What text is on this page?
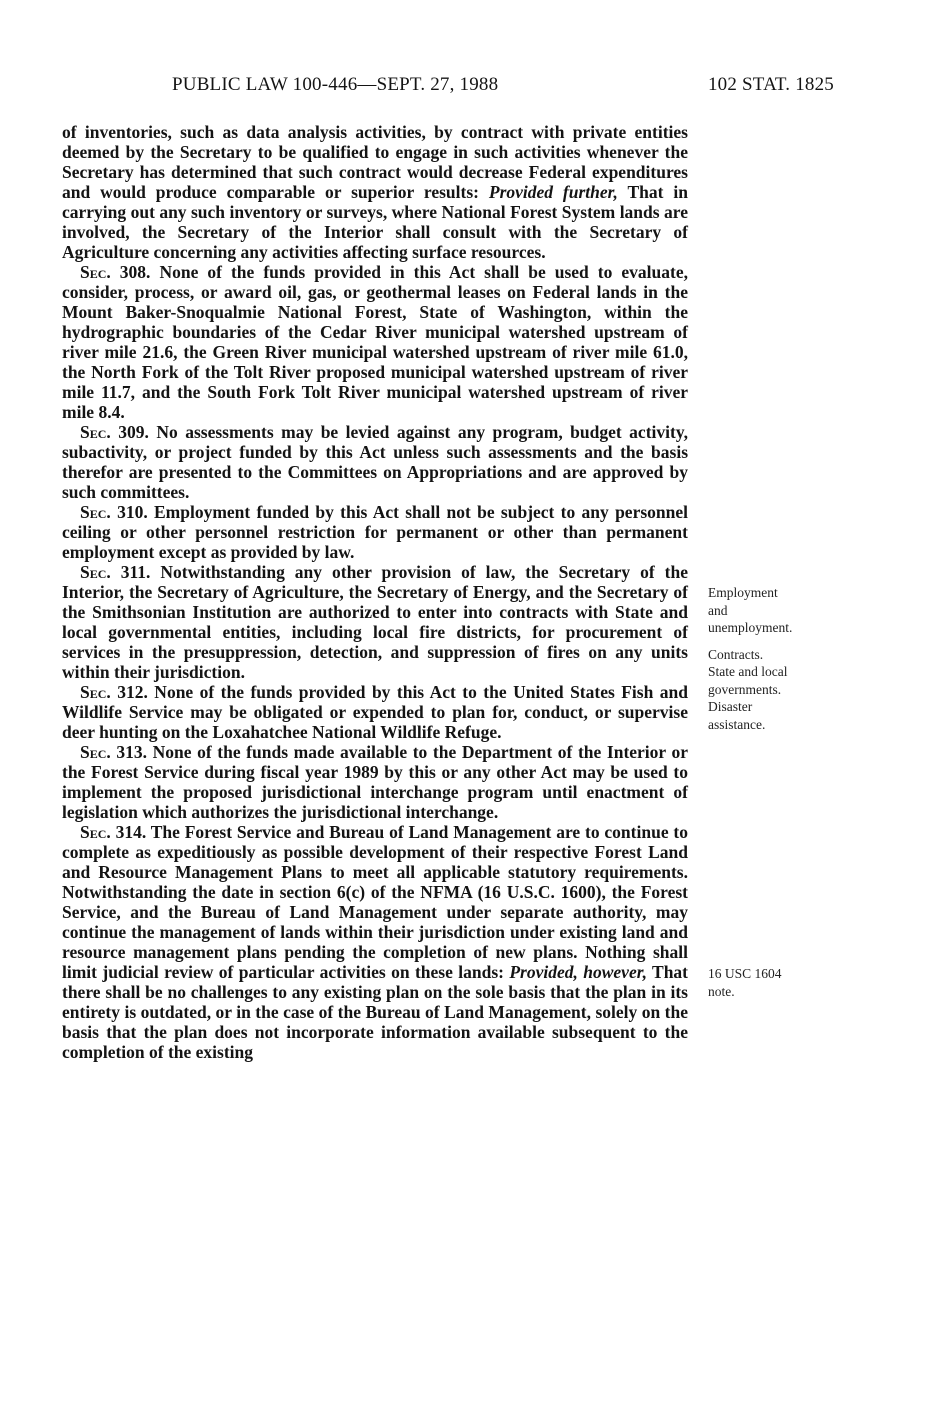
PUBLIC LAW 100-446—SEPT. 27, 1988	102 STAT. 1825

of inventories, such as data analysis activities, by contract with private entities deemed by the Secretary to be qualified to engage in such activities whenever the Secretary has determined that such contract would decrease Federal expenditures and would produce comparable or superior results: Provided further, That in carrying out any such inventory or surveys, where National Forest System lands are involved, the Secretary of the Interior shall consult with the Secretary of Agriculture concerning any activities affecting surface resources.

Sec. 308. None of the funds provided in this Act shall be used to evaluate, consider, process, or award oil, gas, or geothermal leases on Federal lands in the Mount Baker-Snoqualmie National Forest, State of Washington, within the hydrographic boundaries of the Cedar River municipal watershed upstream of river mile 21.6, the Green River municipal watershed upstream of river mile 61.0, the North Fork of the Tolt River proposed municipal watershed upstream of river mile 11.7, and the South Fork Tolt River municipal watershed upstream of river mile 8.4.

Sec. 309. No assessments may be levied against any program, budget activity, subactivity, or project funded by this Act unless such assessments and the basis therefor are presented to the Committees on Appropriations and are approved by such committees.

Sec. 310. Employment funded by this Act shall not be subject to any personnel ceiling or other personnel restriction for permanent or other than permanent employment except as provided by law.

Sec. 311. Notwithstanding any other provision of law, the Secretary of the Interior, the Secretary of Agriculture, the Secretary of Energy, and the Secretary of the Smithsonian Institution are authorized to enter into contracts with State and local governmental entities, including local fire districts, for procurement of services in the presuppression, detection, and suppression of fires on any units within their jurisdiction.

Sec. 312. None of the funds provided by this Act to the United States Fish and Wildlife Service may be obligated or expended to plan for, conduct, or supervise deer hunting on the Loxahatchee National Wildlife Refuge.

Sec. 313. None of the funds made available to the Department of the Interior or the Forest Service during fiscal year 1989 by this or any other Act may be used to implement the proposed jurisdictional interchange program until enactment of legislation which authorizes the jurisdictional interchange.

Sec. 314. The Forest Service and Bureau of Land Management are to continue to complete as expeditiously as possible development of their respective Forest Land and Resource Management Plans to meet all applicable statutory requirements. Notwithstanding the date in section 6(c) of the NFMA (16 U.S.C. 1600), the Forest Service, and the Bureau of Land Management under separate authority, may continue the management of lands within their jurisdiction under existing land and resource management plans pending the completion of new plans. Nothing shall limit judicial review of particular activities on these lands: Provided, however, That there shall be no challenges to any existing plan on the sole basis that the plan in its entirety is outdated, or in the case of the Bureau of Land Management, solely on the basis that the plan does not incorporate information available subsequent to the completion of the existing

Employment
and
unemployment.
Contracts.
State and local
governments.
Disaster
assistance.
16 USC 1604
note.
